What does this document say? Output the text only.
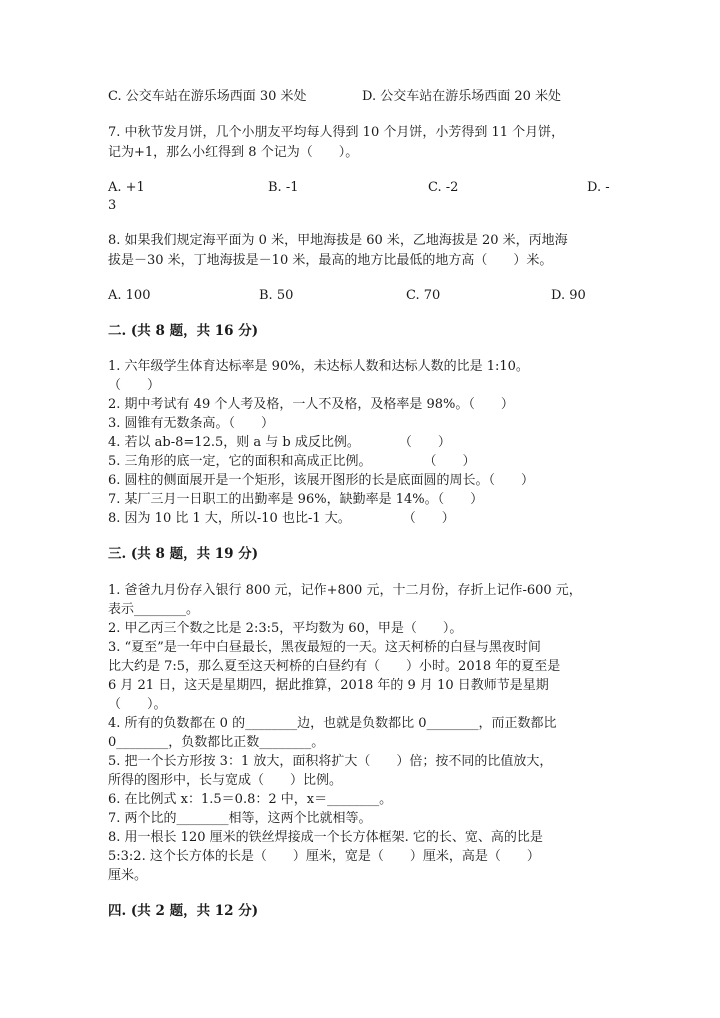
C. 公交车站在游乐场西面 30 米处	D. 公交车站在游乐场西面 20 米处
7. 中秋节发月饼，几个小朋友平均每人得到 10 个月饼，小芳得到 11 个月饼，
记为+1，那么小红得到 8 个记为（　　）。
A. +1	B. -1	C. -2	D. -
3
8. 如果我们规定海平面为 0 米，甲地海拔是 60 米，乙地海拔是 20 米，丙地海
拔是－30 米，丁地海拔是－10 米，最高的地方比最低的地方高（　　）米。
A. 100	B. 50	C. 70	D. 90
二. (共 8 题，共 16 分)
1. 六年级学生体育达标率是 90%，未达标人数和达标人数的比是 1:10。
（　　）
2. 期中考试有 49 个人考及格，一人不及格，及格率是 98%。（　　）
3. 圆锥有无数条高。（　　）
4. 若以 ab-8=12.5，则 a 与 b 成反比例。　　　　（　　）
5. 三角形的底一定，它的面积和高成正比例。　　　　　（　　）
6. 圆柱的侧面展开是一个矩形，该展开图形的长是底面圆的周长。（　　）
7. 某厂三月一日职工的出勤率是 96%，缺勤率是 14%。（　　）
8. 因为 10 比 1 大，所以-10 也比-1 大。　　　　　（　　）
三. (共 8 题，共 19 分)
1. 爸爸九月份存入银行 800 元，记作+800 元，十二月份，存折上记作-600 元，
表示________。
2. 甲乙丙三个数之比是 2:3:5，平均数为 60，甲是（　　）。
3. “夏至”是一年中白昼最长，黑夜最短的一天。这天柯桥的白昼与黑夜时间
比大约是 7:5，那么夏至这天柯桥的白昼约有（　　）小时。2018 年的夏至是
6 月 21 日，这天是星期四，据此推算，2018 年的 9 月 10 日教师节是星期
（　　）。
4. 所有的负数都在 0 的________边，也就是负数都比 0________，而正数都比
0________，负数都比正数________。
5. 把一个长方形按 3：1 放大，面积将扩大（　　）倍；按不同的比值放大，
所得的图形中，长与宽成（　　）比例。
6. 在比例式 x：1.5＝0.8：2 中，x＝________。
7. 两个比的________相等，这两个比就相等。
8. 用一根长 120 厘米的铁丝焊接成一个长方体框架. 它的长、宽、高的比是
5:3:2. 这个长方体的长是（　　）厘米，宽是（　　）厘米，高是（　　）
厘米。
四. (共 2 题，共 12 分)
